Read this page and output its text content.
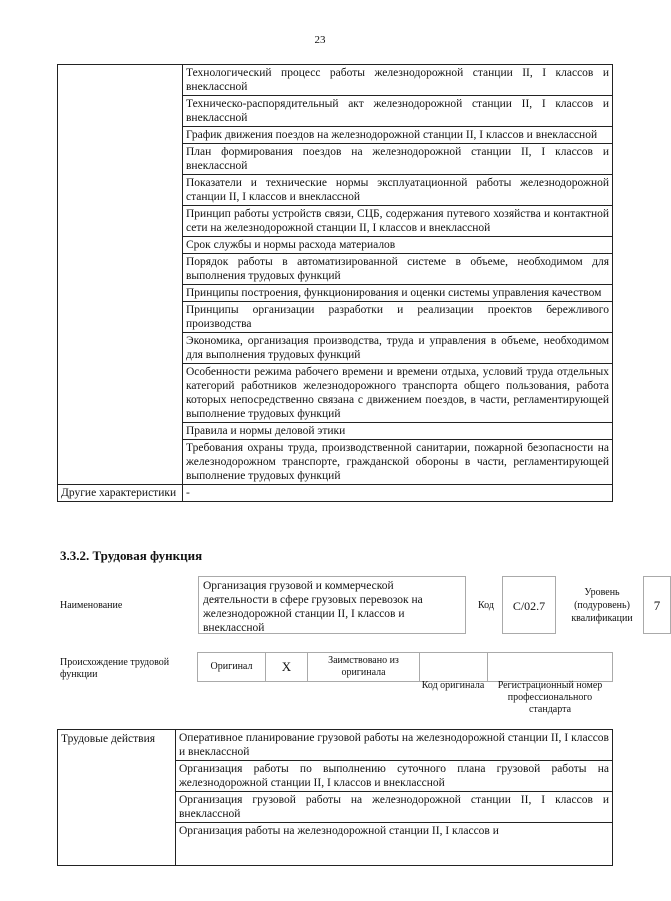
23
	Технологический процесс работы железнодорожной станции II, I классов и внеклассной
	Техническо-распорядительный акт железнодорожной станции II, I классов и внеклассной
	График движения поездов на железнодорожной станции II, I классов и внеклассной
	План формирования поездов на железнодорожной станции II, I классов и внеклассной
	Показатели и технические нормы эксплуатационной работы железнодорожной станции II, I классов и внеклассной
	Принцип работы устройств связи, СЦБ, содержания путевого хозяйства и контактной сети на железнодорожной станции II, I классов и внеклассной
	Срок службы и нормы расхода материалов
	Порядок работы в автоматизированной системе в объеме, необходимом для выполнения трудовых функций
	Принципы построения, функционирования и оценки системы управления качеством
	Принципы организации разработки и реализации проектов бережливого производства
	Экономика, организация производства, труда и управления в объеме, необходимом для выполнения трудовых функций
	Особенности режима рабочего времени и времени отдыха, условий труда отдельных категорий работников железнодорожного транспорта общего пользования, работа которых непосредственно связана с движением поездов, в части, регламентирующей выполнение трудовых функций
	Правила и нормы деловой этики
	Требования охраны труда, производственной санитарии, пожарной безопасности на железнодорожном транспорте, гражданской обороны в части, регламентирующей выполнение трудовых функций
Другие характеристики	-
3.3.2. Трудовая функция
Наименование
Организация грузовой и коммерческой деятельности в сфере грузовых перевозок на железнодорожной станции II, I классов и внеклассной
Код	С/02.7
Уровень (подуровень) квалификации
7
Происхождение трудовой функции
Оригинал	X	Заимствовано из оригинала
Код оригинала	Регистрационный номер профессионального стандарта
Трудовые действия	Оперативное планирование грузовой работы на железнодорожной станции II, I классов и внеклассной
Организация работы по выполнению суточного плана грузовой работы на железнодорожной станции II, I классов и внеклассной
Организация грузовой работы на железнодорожной станции II, I классов и внеклассной
Организация работы на железнодорожной станции II, I классов и
